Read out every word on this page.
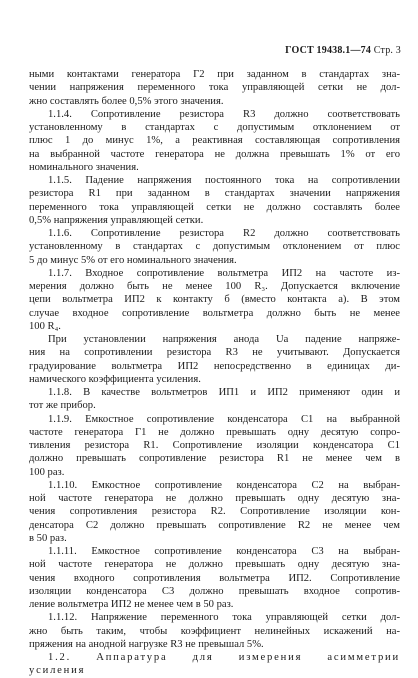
ГОСТ 19438.1—74 Стр. 3
ными контактами генератора Г2 при заданном в стандартах зна-
чении напряжения переменного тока управляющей сетки не дол-
жно составлять более 0,5% этого значения.
1.1.4. Сопротивление резистора R3 должно соответствовать
установленному в стандартах с допустимым отклонением от
плюс 1 до минус 1%, а реактивная составляющая сопротивления
на выбранной частоте генератора не должна превышать 1% от его
номинального значения.
1.1.5. Падение напряжения постоянного тока на сопротивлении
резистора R1 при заданном в стандартах значении напряжения
переменного тока управляющей сетки не должно составлять более
0,5% напряжения управляющей сетки.
1.1.6. Сопротивление резистора R2 должно соответствовать
установленному в стандартах с допустимым отклонением от плюс
5 до минус 5% от его номинального значения.
1.1.7. Входное сопротивление вольтметра ИП2 на частоте из-
мерения должно быть не менее 100 R₃. Допускается включение
цепи вольтметра ИП2 к контакту б (вместо контакта а). В этом
случае входное сопротивление вольтметра должно быть не менее
100 R₄.
При установлении напряжения анода Uа падение напряже-
ния на сопротивлении резистора R3 не учитывают. Допускается
градуирование вольтметра ИП2 непосредственно в единицах ди-
намического коэффициента усиления.
1.1.8. В качестве вольтметров ИП1 и ИП2 применяют один и
тот же прибор.
1.1.9. Емкостное сопротивление конденсатора С1 на выбранной
частоте генератора Г1 не должно превышать одну десятую сопро-
тивления резистора R1. Сопротивление изоляции конденсатора С1
должно превышать сопротивление резистора R1 не менее чем в
100 раз.
1.1.10. Емкостное сопротивление конденсатора С2 на выбран-
ной частоте генератора не должно превышать одну десятую зна-
чения сопротивления резистора R2. Сопротивление изоляции кон-
денсатора С2 должно превышать сопротивление R2 не менее чем
в 50 раз.
1.1.11. Емкостное сопротивление конденсатора С3 на выбран-
ной частоте генератора не должно превышать одну десятую зна-
чения входного сопротивления вольтметра ИП2. Сопротивление
изоляции конденсатора С3 должно превышать входное сопротив-
ление вольтметра ИП2 не менее чем в 50 раз.
1.1.12. Напряжение переменного тока управляющей сетки дол-
жно быть таким, чтобы коэффициент нелинейных искажений на-
пряжения на анодной нагрузке R3 не превышал 5%.
1.2. Аппаратура для измерения асимметрии
усиления
